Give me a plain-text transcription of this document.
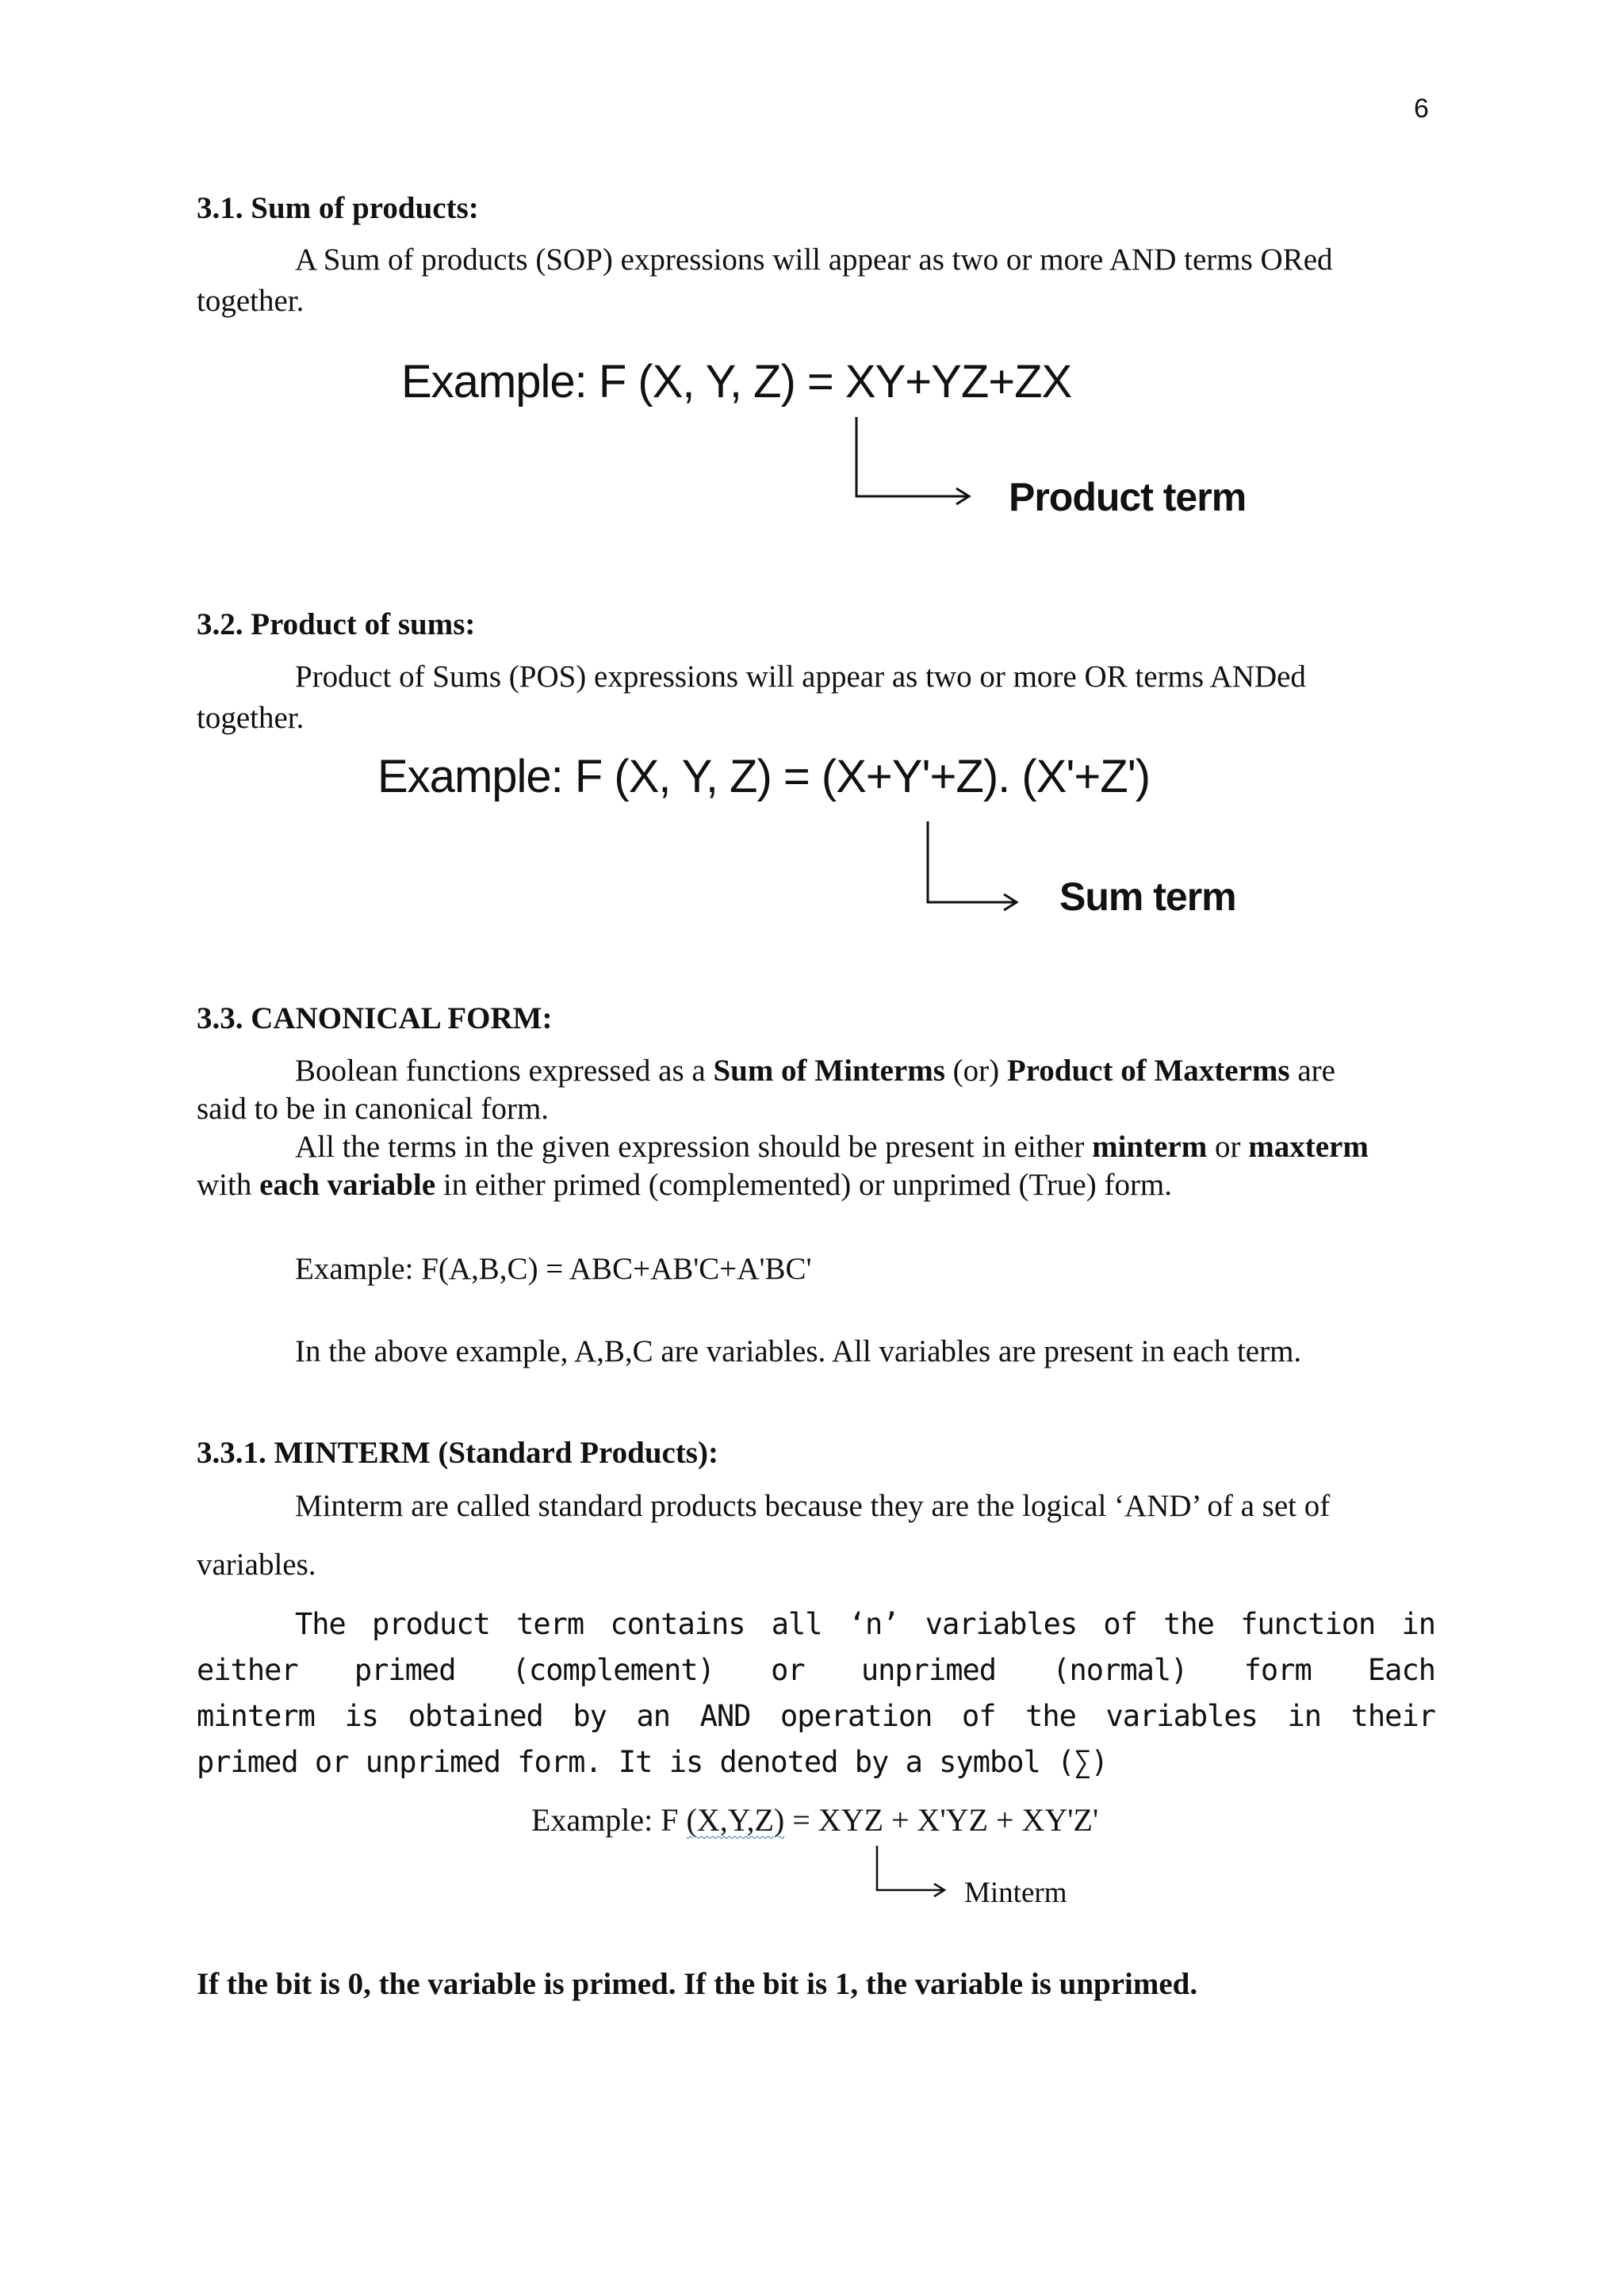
6
3.1. Sum of products:
A Sum of products (SOP) expressions will appear as two or more AND terms ORed
together.
Example: F (X, Y, Z) = XY+YZ+ZX
Product term
3.2. Product of sums:
Product of Sums (POS) expressions will appear as two or more OR terms ANDed
together.
Example: F (X, Y, Z) = (X+Y'+Z). (X'+Z')
Sum term
3.3. CANONICAL FORM:
Boolean functions expressed as a Sum of Minterms (or) Product of Maxterms are
said to be in canonical form.
All the terms in the given expression should be present in either minterm or maxterm
with each variable in either primed (complemented) or unprimed (True) form.
Example: F(A,B,C) = ABC+AB'C+A'BC'
In the above example, A,B,C are variables. All variables are present in each term.
3.3.1. MINTERM (Standard Products):
Minterm are called standard products because they are the logical ‘AND’ of a set of
variables.
The product term contains all ‘n’ variables of the function in
either primed (complement) or unprimed (normal) form Each
minterm is obtained by an AND operation of the variables in their
primed or unprimed form. It is denoted by a symbol (∑)
Example: F (X,Y,Z) = XYZ + X'YZ + XY'Z'
Minterm
If the bit is 0, the variable is primed. If the bit is 1, the variable is unprimed.
